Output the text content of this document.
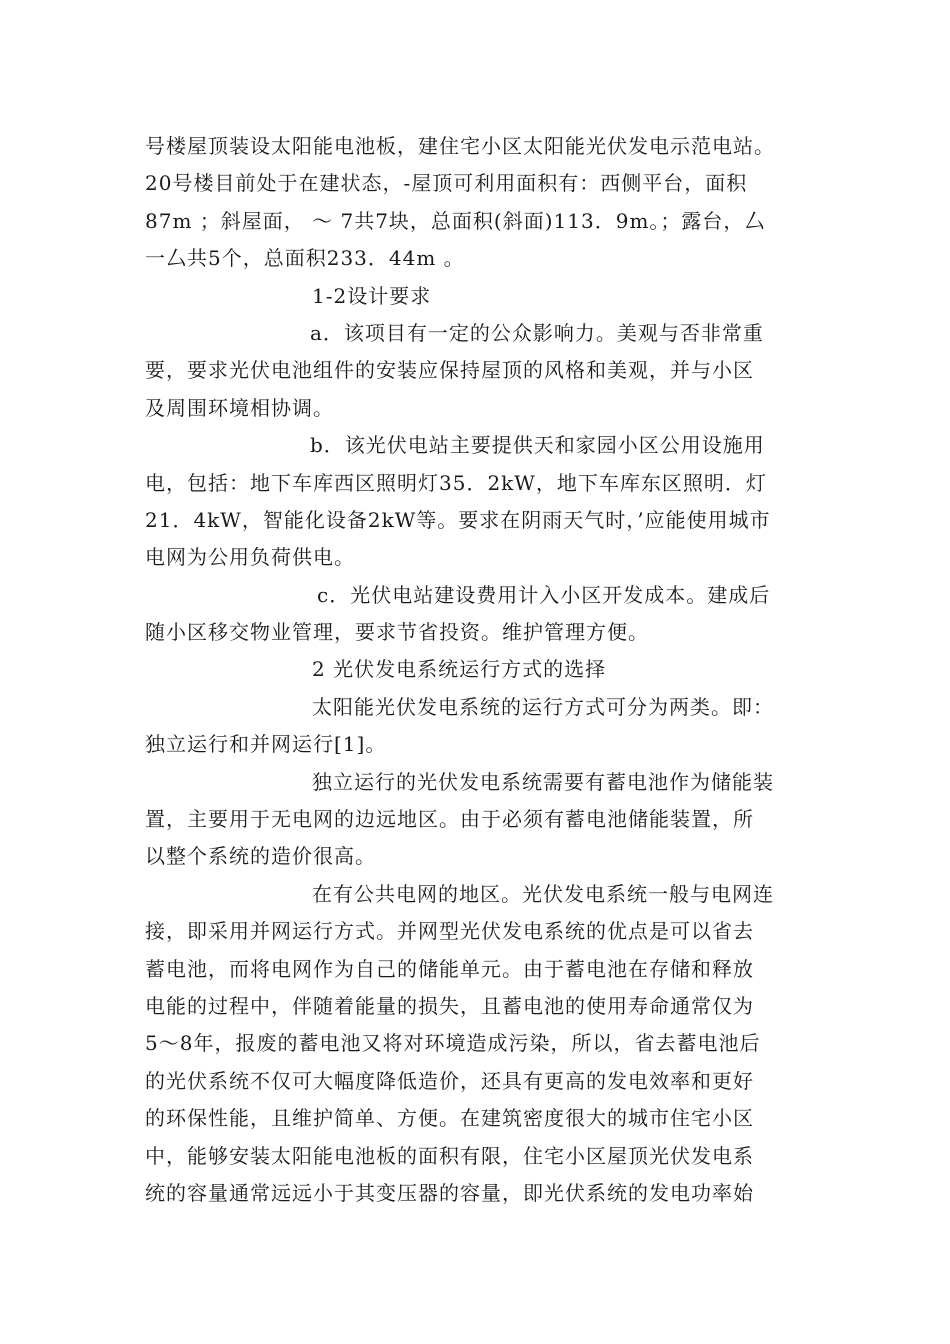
号楼屋顶装设太阳能电池板，建住宅小区太阳能光伏发电示范电站。
20号楼目前处于在建状态，-屋顶可利用面积有：西侧平台，面积
87m ；斜屋面， ～ 7共7块，总面积(斜面)113．9m。；露台，厶
一厶共5个，总面积233．44m 。
1-2设计要求
a．该项目有一定的公众影响力。美观与否非常重
要，要求光伏电池组件的安装应保持屋顶的风格和美观，并与小区
及周围环境相协调。
b．该光伏电站主要提供天和家园小区公用设施用
电，包括：地下车库西区照明灯35．2kW，地下车库东区照明．灯
21．4kW，智能化设备2kW等。要求在阴雨天气时，’应能使用城市
电网为公用负荷供电。
c．光伏电站建设费用计入小区开发成本。建成后
随小区移交物业管理，要求节省投资。维护管理方便。
2 光伏发电系统运行方式的选择
太阳能光伏发电系统的运行方式可分为两类。即：
独立运行和并网运行[1]。
独立运行的光伏发电系统需要有蓄电池作为储能装
置，主要用于无电网的边远地区。由于必须有蓄电池储能装置，所
以整个系统的造价很高。
在有公共电网的地区。光伏发电系统一般与电网连
接，即采用并网运行方式。并网型光伏发电系统的优点是可以省去
蓄电池，而将电网作为自己的储能单元。由于蓄电池在存储和释放
电能的过程中，伴随着能量的损失，且蓄电池的使用寿命通常仅为
5～8年，报废的蓄电池又将对环境造成污染，所以，省去蓄电池后
的光伏系统不仅可大幅度降低造价，还具有更高的发电效率和更好
的环保性能，且维护简单、方便。在建筑密度很大的城市住宅小区
中，能够安装太阳能电池板的面积有限，住宅小区屋顶光伏发电系
统的容量通常远远小于其变压器的容量，即光伏系统的发电功率始
